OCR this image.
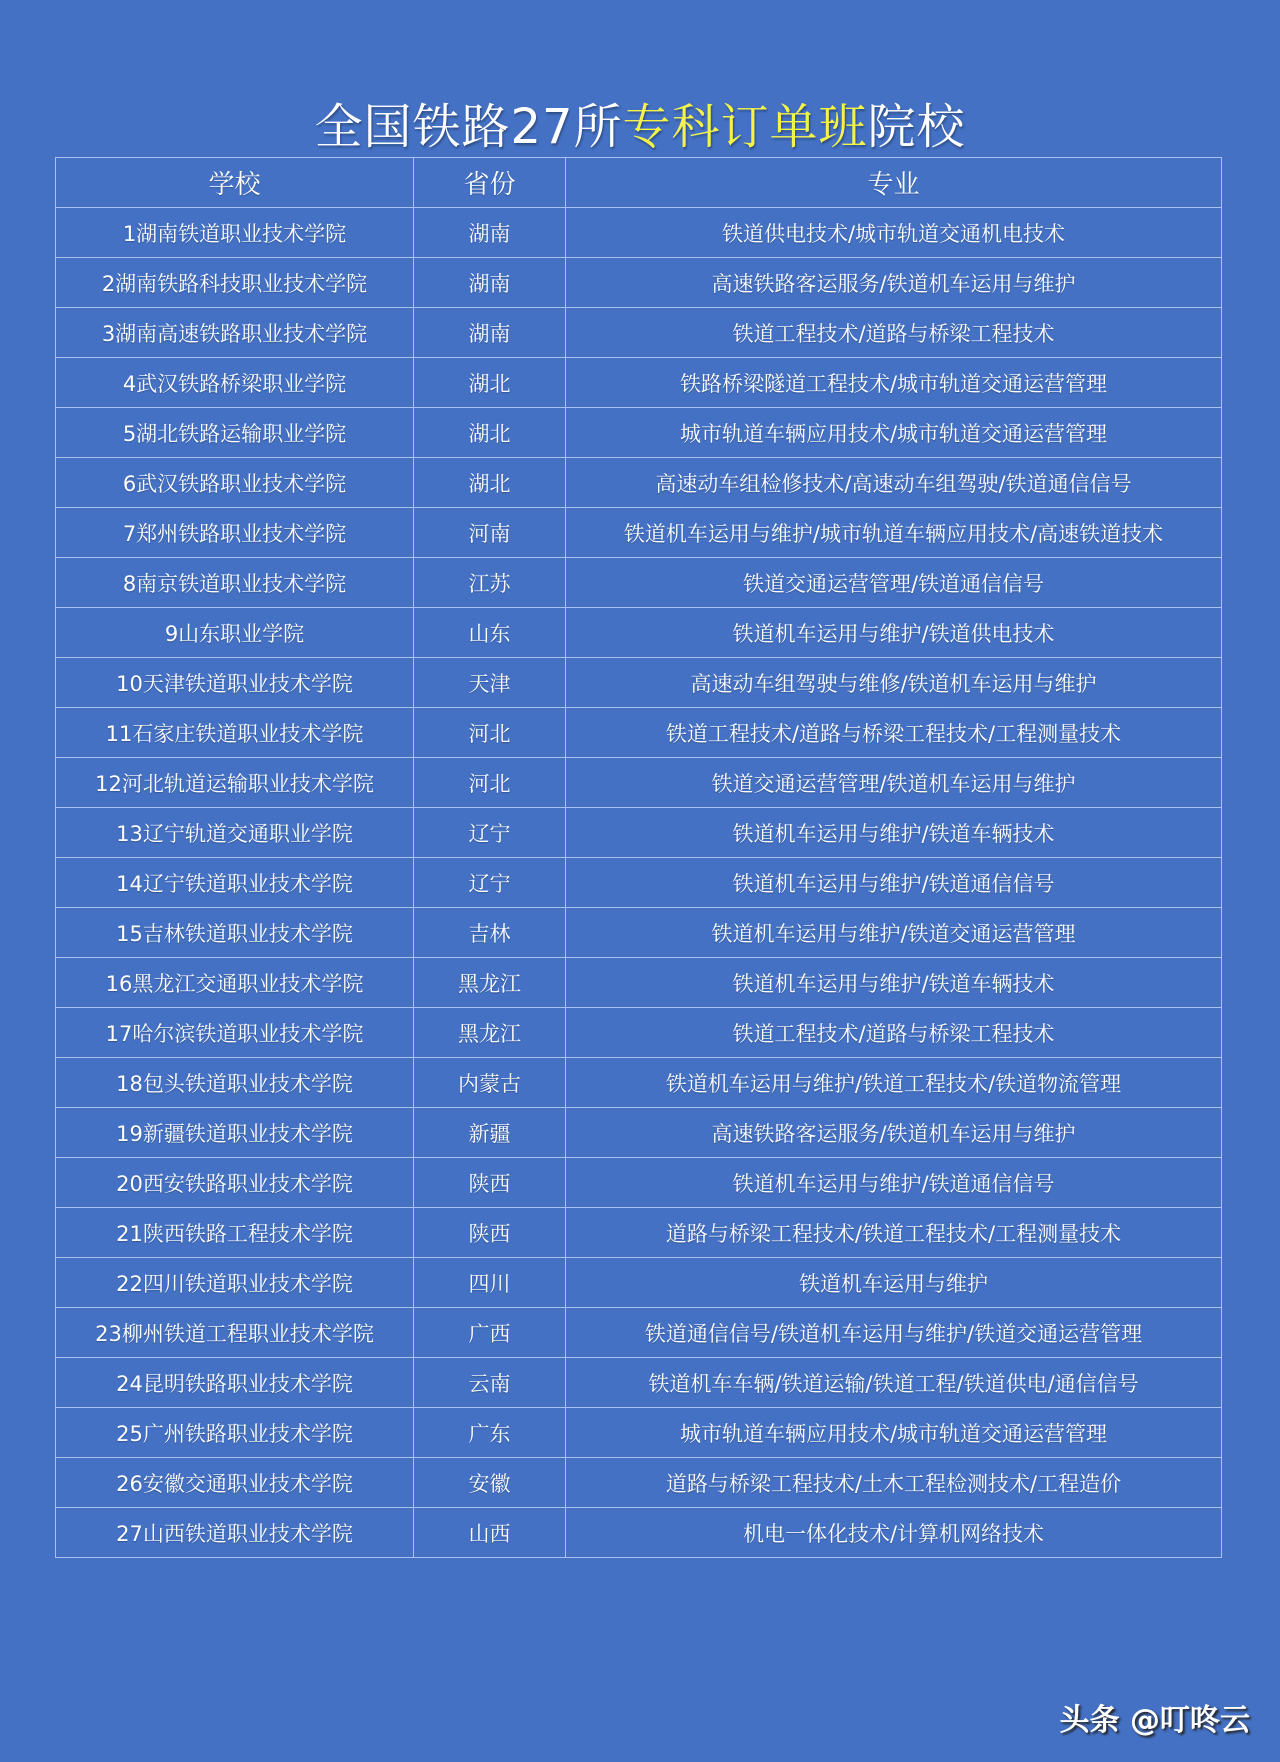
全国铁路27所专科订单班院校
学校	省份	专业
1湖南铁道职业技术学院	湖南	铁道供电技术/城市轨道交通机电技术
2湖南铁路科技职业技术学院	湖南	高速铁路客运服务/铁道机车运用与维护
3湖南高速铁路职业技术学院	湖南	铁道工程技术/道路与桥梁工程技术
4武汉铁路桥梁职业学院	湖北	铁路桥梁隧道工程技术/城市轨道交通运营管理
5湖北铁路运输职业学院	湖北	城市轨道车辆应用技术/城市轨道交通运营管理
6武汉铁路职业技术学院	湖北	高速动车组检修技术/高速动车组驾驶/铁道通信信号
7郑州铁路职业技术学院	河南	铁道机车运用与维护/城市轨道车辆应用技术/高速铁道技术
8南京铁道职业技术学院	江苏	铁道交通运营管理/铁道通信信号
9山东职业学院	山东	铁道机车运用与维护/铁道供电技术
10天津铁道职业技术学院	天津	高速动车组驾驶与维修/铁道机车运用与维护
11石家庄铁道职业技术学院	河北	铁道工程技术/道路与桥梁工程技术/工程测量技术
12河北轨道运输职业技术学院	河北	铁道交通运营管理/铁道机车运用与维护
13辽宁轨道交通职业学院	辽宁	铁道机车运用与维护/铁道车辆技术
14辽宁铁道职业技术学院	辽宁	铁道机车运用与维护/铁道通信信号
15吉林铁道职业技术学院	吉林	铁道机车运用与维护/铁道交通运营管理
16黑龙江交通职业技术学院	黑龙江	铁道机车运用与维护/铁道车辆技术
17哈尔滨铁道职业技术学院	黑龙江	铁道工程技术/道路与桥梁工程技术
18包头铁道职业技术学院	内蒙古	铁道机车运用与维护/铁道工程技术/铁道物流管理
19新疆铁道职业技术学院	新疆	高速铁路客运服务/铁道机车运用与维护
20西安铁路职业技术学院	陕西	铁道机车运用与维护/铁道通信信号
21陕西铁路工程技术学院	陕西	道路与桥梁工程技术/铁道工程技术/工程测量技术
22四川铁道职业技术学院	四川	铁道机车运用与维护
23柳州铁道工程职业技术学院	广西	铁道通信信号/铁道机车运用与维护/铁道交通运营管理
24昆明铁路职业技术学院	云南	铁道机车车辆/铁道运输/铁道工程/铁道供电/通信信号
25广州铁路职业技术学院	广东	城市轨道车辆应用技术/城市轨道交通运营管理
26安徽交通职业技术学院	安徽	道路与桥梁工程技术/土木工程检测技术/工程造价
27山西铁道职业技术学院	山西	机电一体化技术/计算机网络技术
头条 @叮咚云
